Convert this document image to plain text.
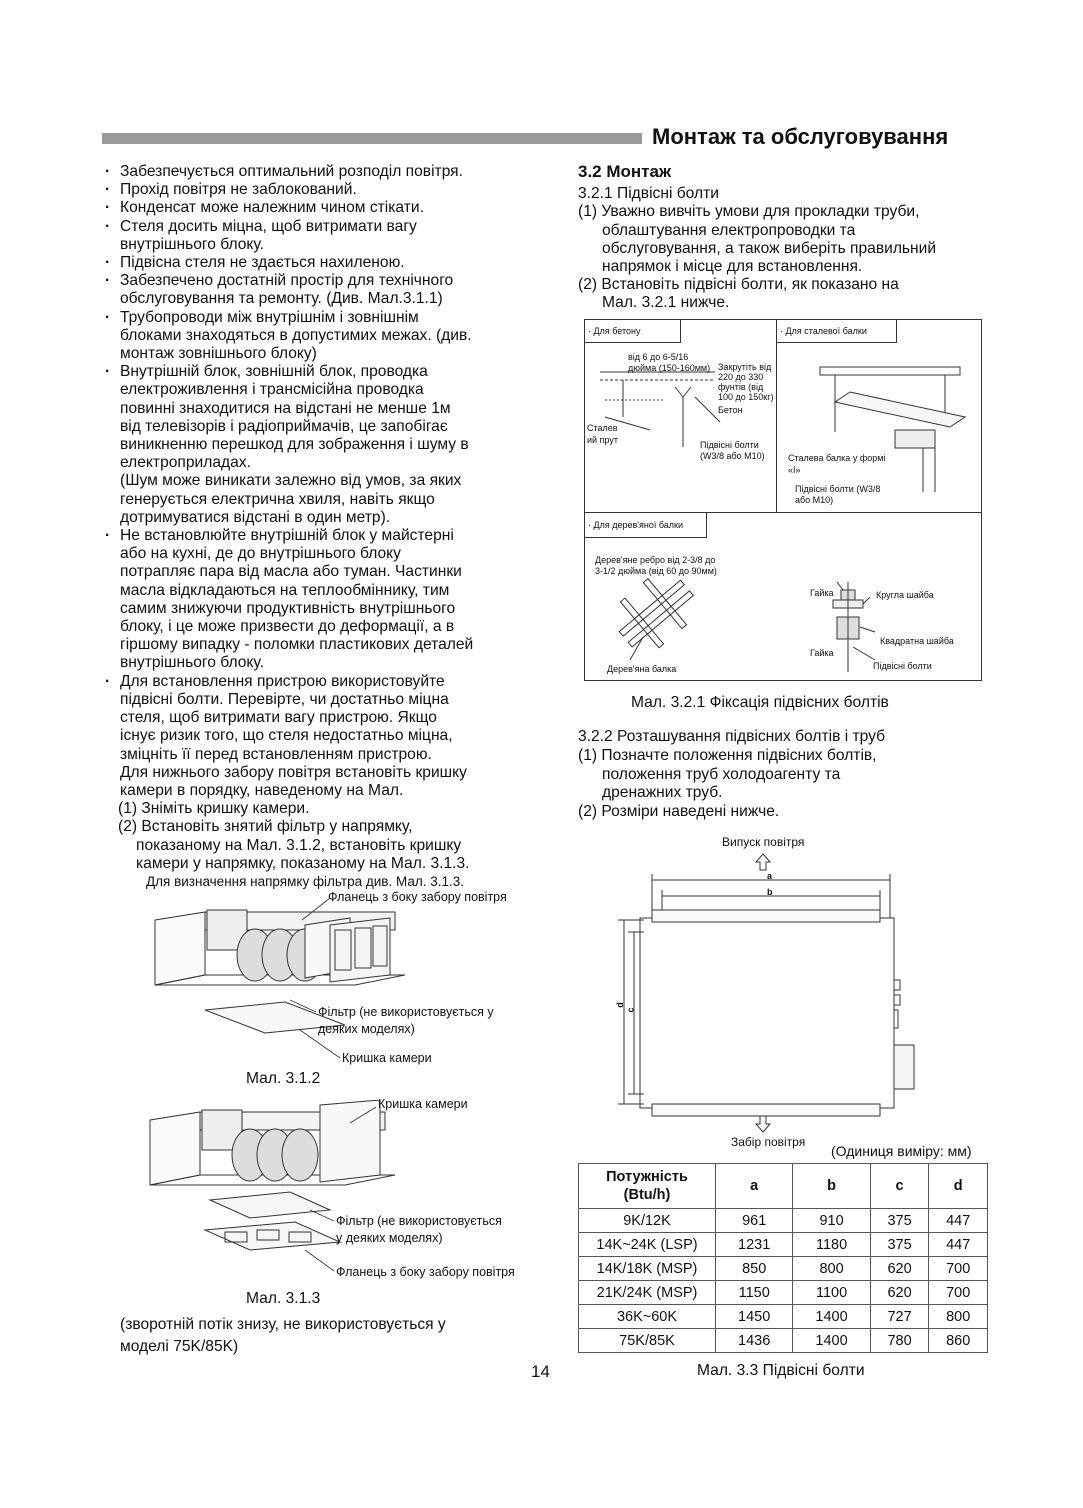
Монтаж та обслуговування

· Забезпечується оптимальний розподіл повітря.

· Прохід повітря не заблокований.

· Конденсат може належним чином стікати.

· Стеля досить міцна, щоб витримати вагу

внутрішнього блоку.

· Підвісна стеля не здається нахиленою.

· Забезпечено достатній простір для технічного

обслуговування та ремонту. (Див. Мал.3.1.1)

· Трубопроводи між внутрішнім і зовнішнім

блоками знаходяться в допустимих межах. (див.

монтаж зовнішнього блоку)

· Внутрішній блок, зовнішній блок, проводка

електроживлення і трансмісійна проводка

повинні знаходитися на відстані не менше 1м

від телевізорів і радіоприймачів, це запобігає

виникненню перешкод для зображення і шуму в

електроприладах.

(Шум може виникати залежно від умов, за яких

генерується електрична хвиля, навіть якщо

дотримуватися відстані в один метр).

· Не встановлюйте внутрішній блок у майстерні

або на кухні, де до внутрішнього блоку

потрапляє пара від масла або туман. Частинки

масла відкладаються на теплообміннику, тим

самим знижуючи продуктивність внутрішнього

блоку, і це може призвести до деформації, а в

гіршому випадку - поломки пластикових деталей

внутрішнього блоку.

· Для встановлення пристрою використовуйте

підвісні болти. Перевірте, чи достатньо міцна

стеля, щоб витримати вагу пристрою. Якщо

існує ризик того, що стеля недостатньо міцна,

зміцніть її перед встановленням пристрою.

Для нижнього забору повітря встановіть кришку

камери в порядку, наведеному на Мал.

(1) Зніміть кришку камери.

(2) Встановіть знятий фільтр у напрямку,

показаному на Мал. 3.1.2, встановіть кришку

камери у напрямку, показаному на Мал. 3.1.3.

Для визначення напрямку фільтра див. Мал. 3.1.3.

Фланець з боку забору повітря
Фільтр (не використовується у
деяких моделях)
Кришка камери
Мал. 3.1.2
Кришка камери
Фільтр (не використовується
у деяких моделях)
Фланець з боку забору повітря
Мал. 3.1.3
(зворотній потік знизу, не використовується у
моделі 75K/85K)
14

3.2 Монтаж

3.2.1 Підвісні болти

(1) Уважно вивчіть умови для прокладки труби,

облаштування електропроводки та

обслуговування, а також виберіть правильний

напрямок і місце для встановлення.

(2) Встановіть підвісні болти, як показано на

Мал. 3.2.1 нижче.

· Для бетону	· Для сталевої балки
· Для дерев'яної балки
від 6 до 6-5/16
дюйма (150-160мм) Закрутіть від
220 до 330
фунтів (від
100 до 150кг)
Бетон
Сталев
ий прут	Підвісні болти
(W3/8 або M10)	Сталева балка у формі
«I»
Підвісні болти (W3/8
або M10)
Дерев'яне ребро від 2-3/8 до
3-1/2 дюйма (від 60 до 90мм)
Дерев'яна балка
Гайка	Кругла шайба
Квадратна шайба
Гайка
Підвісні болти
Мал. 3.2.1 Фіксація підвісних болтів

3.2.2 Розташування підвісних болтів і труб

(1) Позначте положення підвісних болтів,

положення труб холодоагенту та

дренажних труб.

(2) Розміри наведені нижче.

Випуск повітря
Забір повітря
a
b
c
d
(Одиниця виміру: мм)
Потужність
(Btu/h)	a	b	c	d
9K/12K	961	910	375	447
14K~24K (LSP)	1231	1180	375	447
14K/18K (MSP)	850	800	620	700
21K/24K (MSP)	1150	1100	620	700
36K~60K	1450	1400	727	800
75K/85K	1436	1400	780	860
Мал. 3.3 Підвісні болти
